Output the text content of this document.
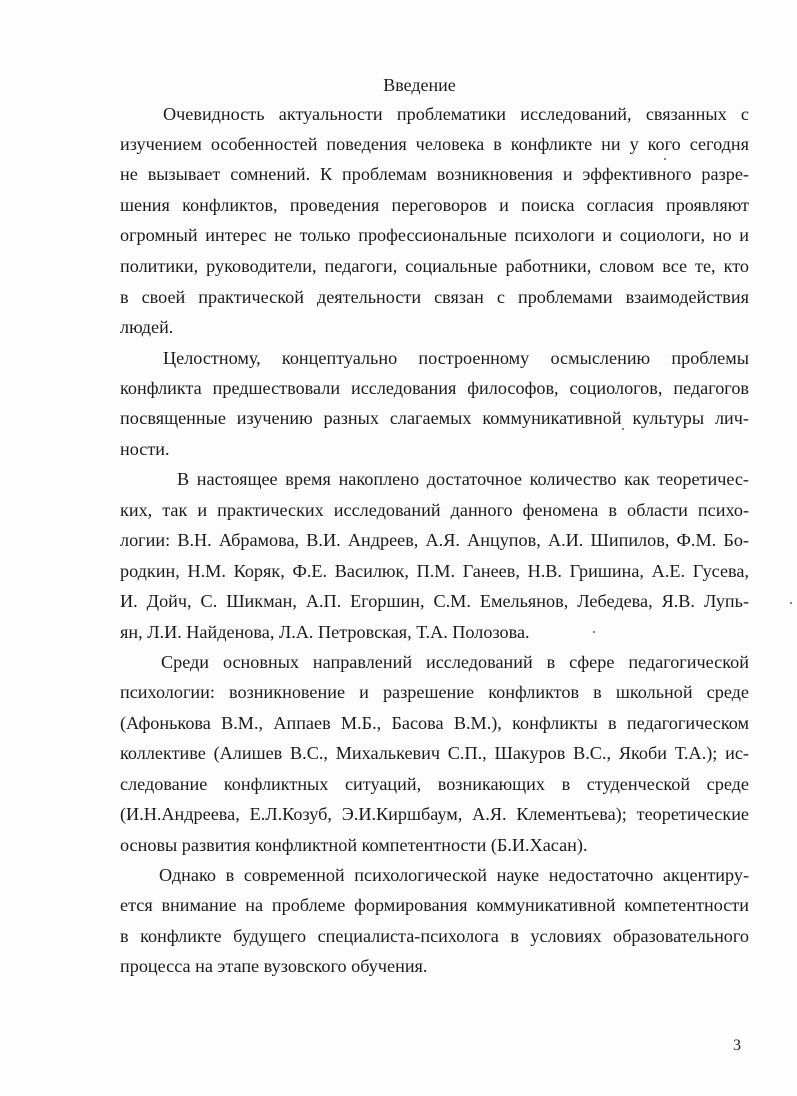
Введение
Очевидность актуальности проблематики исследований, связанных с
изучением особенностей поведения человека в конфликте ни у кого сегодня
не вызывает сомнений. К проблемам возникновения и эффективного разре-
шения конфликтов, проведения переговоров и поиска согласия проявляют
огромный интерес не только профессиональные психологи и социологи, но и
политики, руководители, педагоги, социальные работники, словом все те, кто
в своей практической деятельности связан с проблемами взаимодействия
людей.
Целостному, концептуально построенному осмыслению проблемы
конфликта предшествовали исследования философов, социологов, педагогов
посвященные изучению разных слагаемых коммуникативной культуры лич-
ности.
В настоящее время накоплено достаточное количество как теоретичес-
ких, так и практических исследований данного феномена в области психо-
логии: В.Н. Абрамова, В.И. Андреев, А.Я. Анцупов, А.И. Шипилов, Ф.М. Бо-
родкин, Н.М. Коряк, Ф.Е. Василюк, П.М. Ганеев, Н.В. Гришина, А.Е. Гусева,
И. Дойч, С. Шикман, А.П. Егоршин, С.М. Емельянов, Лебедева, Я.В. Лупь-
ян, Л.И. Найденова, Л.А. Петровская, Т.А. Полозова.
Среди основных направлений исследований в сфере педагогической
психологии: возникновение и разрешение конфликтов в школьной среде
(Афонькова В.М., Аппаев М.Б., Басова В.М.), конфликты в педагогическом
коллективе (Алишев В.С., Михалькевич С.П., Шакуров В.С., Якоби Т.А.); ис-
следование конфликтных ситуаций, возникающих в студенческой среде
(И.Н.Андреева, Е.Л.Козуб, Э.И.Киршбаум, А.Я. Клементьева); теоретические
основы развития конфликтной компетентности (Б.И.Хасан).
Однако в современной психологической науке недостаточно акцентиру-
ется внимание на проблеме формирования коммуникативной компетентности
в конфликте будущего специалиста-психолога в условиях образовательного
процесса на этапе вузовского обучения.
3
